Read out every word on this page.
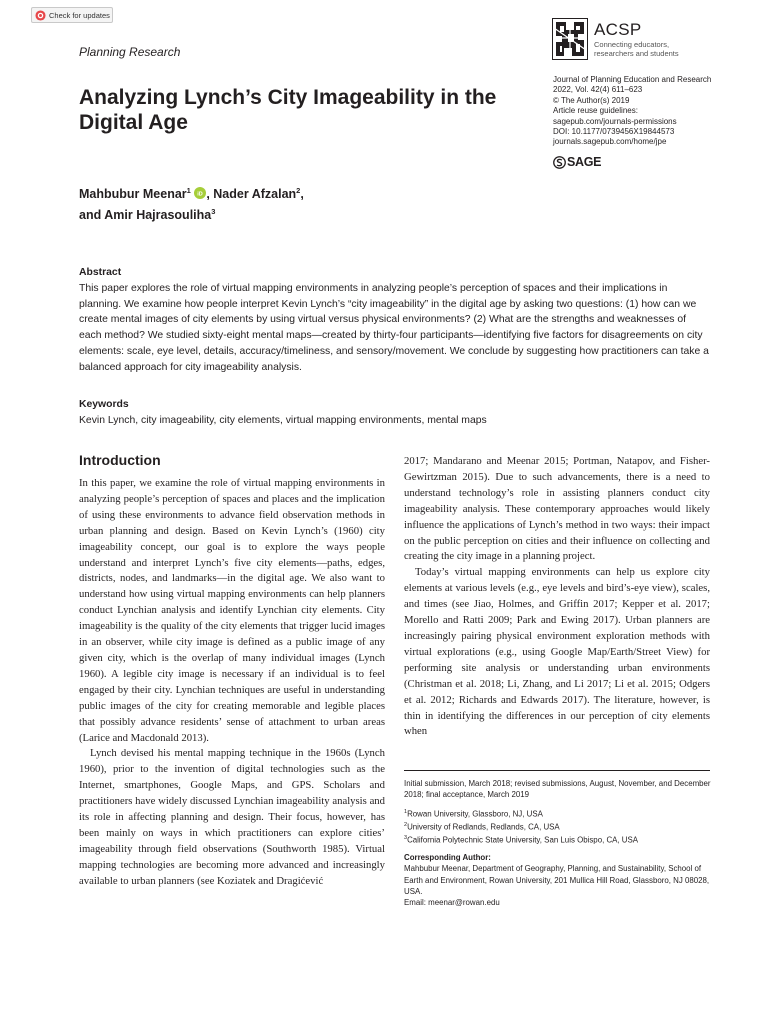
Check for updates
Planning Research
ACSP
Connecting educators,
researchers and students
Journal of Planning Education and Research
2022, Vol. 42(4) 611–623
© The Author(s) 2019
Article reuse guidelines:
sagepub.com/journals-permissions
DOI: 10.1177/0739456X19844573
journals.sagepub.com/home/jpe
SAGE
Analyzing Lynch’s City Imageability in the Digital Age
Mahbubur Meenar$^1$ iD , Nader Afzalan$^2$,
and Amir Hajrasouliha$^3$
Abstract
This paper explores the role of virtual mapping environments in analyzing people’s perception of spaces and their implications in planning. We examine how people interpret Kevin Lynch’s “city imageability” in the digital age by asking two questions: (1) how can we create mental images of city elements by using virtual versus physical environments? (2) What are the strengths and weaknesses of each method? We studied sixty-eight mental maps—created by thirty-four participants—identifying five factors for disagreements on city elements: scale, eye level, details, accuracy/timeliness, and sensory/movement. We conclude by suggesting how practitioners can take a balanced approach for city imageability analysis.
Keywords
Kevin Lynch, city imageability, city elements, virtual mapping environments, mental maps
Introduction

In this paper, we examine the role of virtual mapping environments in analyzing people’s perception of spaces and places and the implication of using these environments to advance field observation methods in urban planning and design. Based on Kevin Lynch’s (1960) city imageability concept, our goal is to explore the ways people understand and interpret Lynch’s five city elements—paths, edges, districts, nodes, and landmarks—in the digital age. We also want to understand how using virtual mapping environments can help planners conduct Lynchian analysis and identify Lynchian city elements. City imageability is the quality of the city elements that trigger lucid images in an observer, while city image is defined as a public image of any given city, which is the overlap of many individual images (Lynch 1960). A legible city image is necessary if an individual is to feel engaged by their city. Lynchian techniques are useful in understanding public images of the city for creating memorable and legible places that possibly advance residents’ sense of attachment to urban areas (Larice and Macdonald 2013).

Lynch devised his mental mapping technique in the 1960s (Lynch 1960), prior to the invention of digital technologies such as the Internet, smartphones, Google Maps, and GPS. Scholars and practitioners have widely discussed Lynchian imageability analysis and its role in affecting planning and design. Their focus, however, has been mainly on ways in which practitioners can explore cities’ imageability through field observations (Southworth 1985). Virtual mapping technologies are becoming more advanced and increasingly available to urban planners (see Koziatek and Dragićević

2017; Mandarano and Meenar 2015; Portman, Natapov, and Fisher-Gewirtzman 2015). Due to such advancements, there is a need to understand technology’s role in assisting planners conduct city imageability analysis. These contemporary approaches would likely influence the applications of Lynch’s method in two ways: their impact on the public perception on cities and their influence on collecting and creating the city image in a planning project.

Today’s virtual mapping environments can help us explore city elements at various levels (e.g., eye levels and bird’s-eye view), scales, and times (see Jiao, Holmes, and Griffin 2017; Kepper et al. 2017; Morello and Ratti 2009; Park and Ewing 2017). Urban planners are increasingly pairing physical environment exploration methods with virtual explorations (e.g., using Google Map/Earth/Street View) for performing site analysis or understanding urban environments (Christman et al. 2018; Li, Zhang, and Li 2017; Li et al. 2015; Odgers et al. 2012; Richards and Edwards 2017). The literature, however, is thin in identifying the differences in our perception of city elements when

Initial submission, March 2018; revised submissions, August, November, and December 2018; final acceptance, March 2019

$^1$Rowan University, Glassboro, NJ, USA

$^2$University of Redlands, Redlands, CA, USA

$^3$California Polytechnic State University, San Luis Obispo, CA, USA

Corresponding Author:

Mahbubur Meenar, Department of Geography, Planning, and Sustainability, School of Earth and Environment, Rowan University, 201 Mullica Hill Road, Glassboro, NJ 08028, USA.

Email: meenar@rowan.edu
